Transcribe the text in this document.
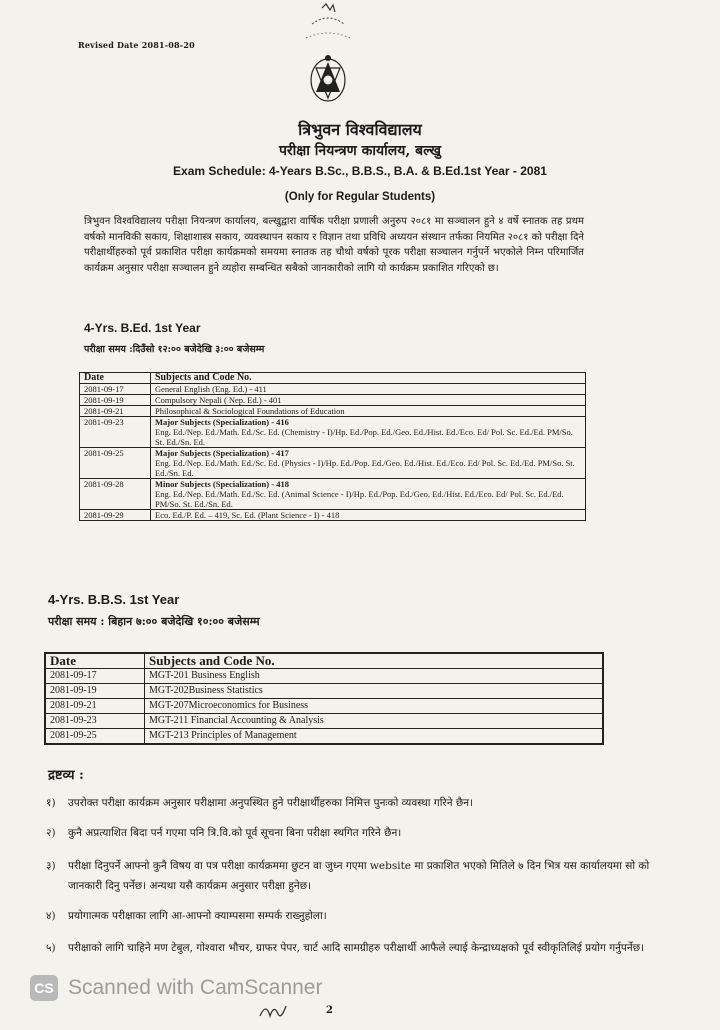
Revised Date 2081-08-20
त्रिभुवन विश्वविद्यालय
परीक्षा नियन्त्रण कार्यालय, बल्खु
Exam Schedule: 4-Years B.Sc., B.B.S., B.A. & B.Ed.1st Year - 2081
(Only for Regular Students)
त्रिभुवन विश्वविद्यालय परीक्षा नियन्त्रण कार्यालय, बल्खुद्वारा वार्षिक परीक्षा प्रणाली अनुरुप २०८१ मा सञ्चालन हुने ४ वर्षे स्नातक तह प्रथम वर्षको मानविकी सकाय, शिक्षाशास्त्र सकाय, व्यवस्थापन सकाय र विज्ञान तथा प्रविधि अध्ययन संस्थान तर्फका नियमित २०८१ को परीक्षा दिने परीक्षार्थीहरुको पूर्व प्रकाशित परीक्षा कार्यक्रमको समयमा स्नातक तह चौथो वर्षको पूरक परीक्षा सञ्चालन गर्नुपर्ने भएकोले निम्न परिमार्जित कार्यक्रम अनुसार परीक्षा सञ्चालन हुने व्यहोरा सम्बन्धित सबैको जानकारीको लागि यो कार्यक्रम प्रकाशित गरिएको छ।
4-Yrs. B.Ed. 1st Year
परीक्षा समय :दिउँसो १२:०० बजेदेखि ३:०० बजेसम्म
Date	Subjects and Code No.
2081-09-17	General English (Eng. Ed.) - 411
2081-09-19	Compulsory Nepali ( Nep. Ed.) - 401
2081-09-21	Philosophical & Sociological Foundations of Education
2081-09-23	Major Subjects (Specialization) - 416
Eng. Ed./Nep. Ed./Math. Ed./Sc. Ed. (Chemistry - I)/Hp. Ed./Pop. Ed./Geo. Ed./Hist. Ed./Eco. Ed/ Pol. Sc. Ed./Ed. PM/So. St. Ed./Sn. Ed.

2081-09-25	Major Subjects (Specialization) - 417
Eng. Ed./Nep. Ed./Math. Ed./Sc. Ed. (Physics - I)/Hp. Ed./Pop. Ed./Geo. Ed./Hist. Ed./Eco. Ed/ Pol. Sc. Ed./Ed. PM/So. St. Ed./Sn. Ed.

2081-09-28	Minor Subjects (Specialization) - 418
Eng. Ed./Nep. Ed./Math. Ed./Sc. Ed. (Animal Science - I)/Hp. Ed./Pop. Ed./Geo. Ed./Hist. Ed./Eco. Ed/ Pol. Sc. Ed./Ed. PM/So. St. Ed./Sn. Ed.

2081-09-29	Eco. Ed./P. Ed. – 419, Sc. Ed. (Plant Science - I) - 418
4-Yrs. B.B.S. 1st Year
परीक्षा समय : बिहान ७:०० बजेदेखि १०:०० बजेसम्म
Date	Subjects and Code No.
2081-09-17	MGT-201 Business English
2081-09-19	MGT-202Business Statistics
2081-09-21	MGT-207Microeconomics for Business
2081-09-23	MGT-211 Financial Accounting & Analysis
2081-09-25	MGT-213 Principles of Management
द्रष्टव्य :
१) उपरोक्त परीक्षा कार्यक्रम अनुसार परीक्षामा अनुपस्थित हुने परीक्षार्थीहरुका निमित्त पुनःको व्यवस्था गरिने छैन।
२) कुनै अप्रत्याशित बिदा पर्न गएमा पनि त्रि.वि.को पूर्व सूचना बिना परीक्षा स्थगित गरिने छैन।
३) परीक्षा दिनुपर्ने आफ्नो कुनै विषय वा पत्र परीक्षा कार्यक्रममा छुटन वा जुध्न गएमा website मा प्रकाशित भएको मितिले ७ दिन भित्र यस कार्यालयमा सो को जानकारी दिनु पर्नेछ। अन्यथा यसै कार्यक्रम अनुसार परीक्षा हुनेछ।
४) प्रयोगात्मक परीक्षाका लागि आ-आफ्नो क्याम्पसमा सम्पर्क राख्नुहोला।
५) परीक्षाको लागि चाहिने मण टेबुल, गोश्वारा भौचर, ग्राफर पेपर, चार्ट आदि सामग्रीहरु परीक्षार्थी आफैले ल्याई केन्द्राध्यक्षको पूर्व स्वीकृतिलिई प्रयोग गर्नुपर्नेछ।
CS Scanned with CamScanner
2
